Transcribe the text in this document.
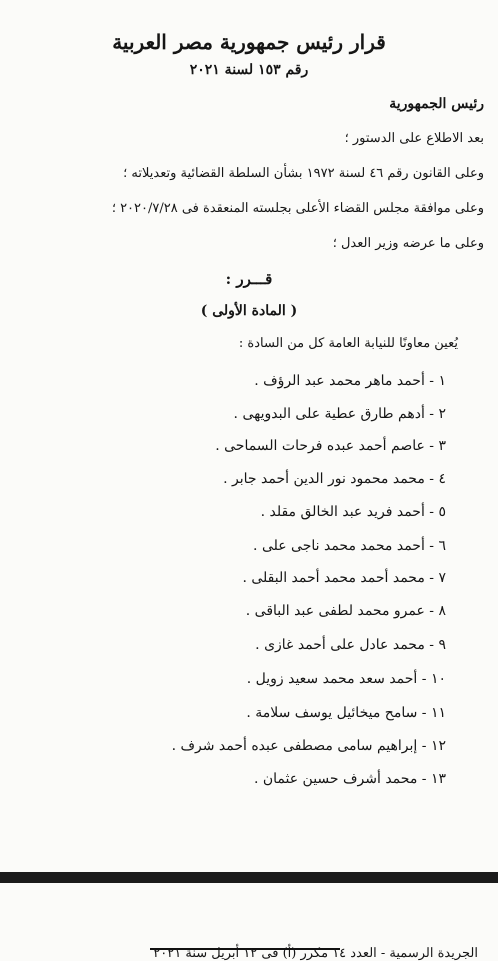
قرار رئيس جمهورية مصر العربية
رقم ١٥٣ لسنة ٢٠٢١
رئيس الجمهورية
بعد الاطلاع على الدستور ؛
وعلى القانون رقم ٤٦ لسنة ١٩٧٢ بشأن السلطة القضائية وتعديلاته ؛
وعلى موافقة مجلس القضاء الأعلى بجلسته المنعقدة فى ٢٠٢٠/٧/٢٨ ؛
وعلى ما عرضه وزير العدل ؛
قـــرر :
( المادة الأولى )
يُعين معاونًا للنيابة العامة كل من السادة :
١ - أحمد ماهر محمد عبد الرؤف .
٢ - أدهم طارق عطية على البدويهى .
٣ - عاصم أحمد عبده فرحات السماحى .
٤ - محمد محمود نور الدين أحمد جابر .
٥ - أحمد فريد عبد الخالق مقلد .
٦ - أحمد محمد محمد ناجى على .
٧ - محمد أحمد محمد أحمد البقلى .
٨ - عمرو محمد لطفى عبد الباقى .
٩ - محمد عادل على أحمد غازى .
١٠ - أحمد سعد محمد سعيد زويل .
١١ - سامح ميخائيل يوسف سلامة .
١٢ - إبراهيم سامى مصطفى عبده أحمد شرف .
١٣ - محمد أشرف حسين عثمان .
الجريدة الرسمية - العدد ١٤ مكرر (أ) فى ١٢ أبريل سنة ٢٠٢١
